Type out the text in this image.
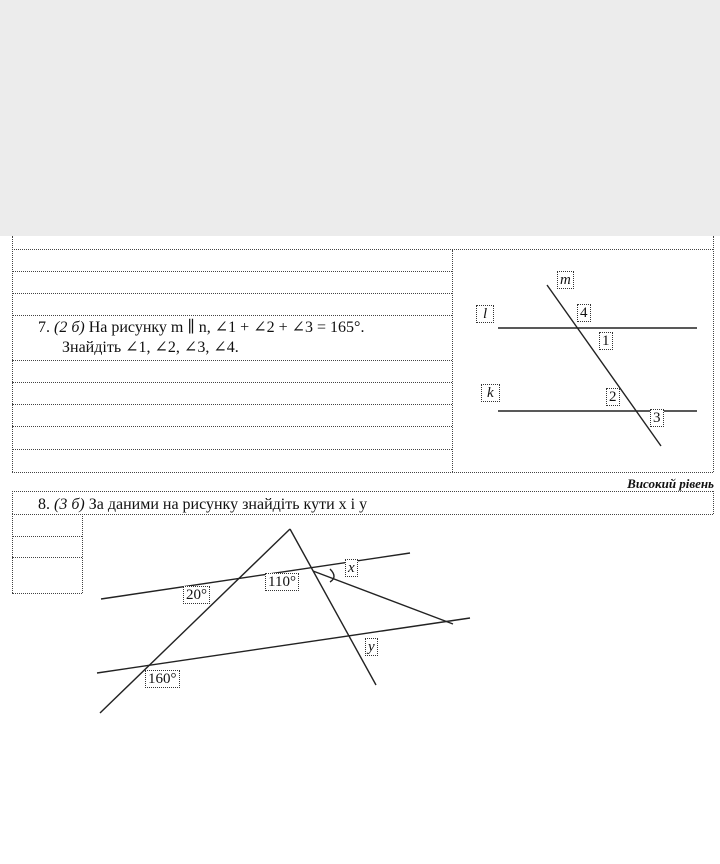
7. (2 б) На рисунку m ∥ n, ∠1 + ∠2 + ∠3 = 165°.
Знайдіть ∠1, ∠2, ∠3, ∠4.
Високий рівень
8. (3 б) За даними на рисунку знайдіть кути x і y
m
l
k
4
1
2
3
20°
110°
160°
x
y
